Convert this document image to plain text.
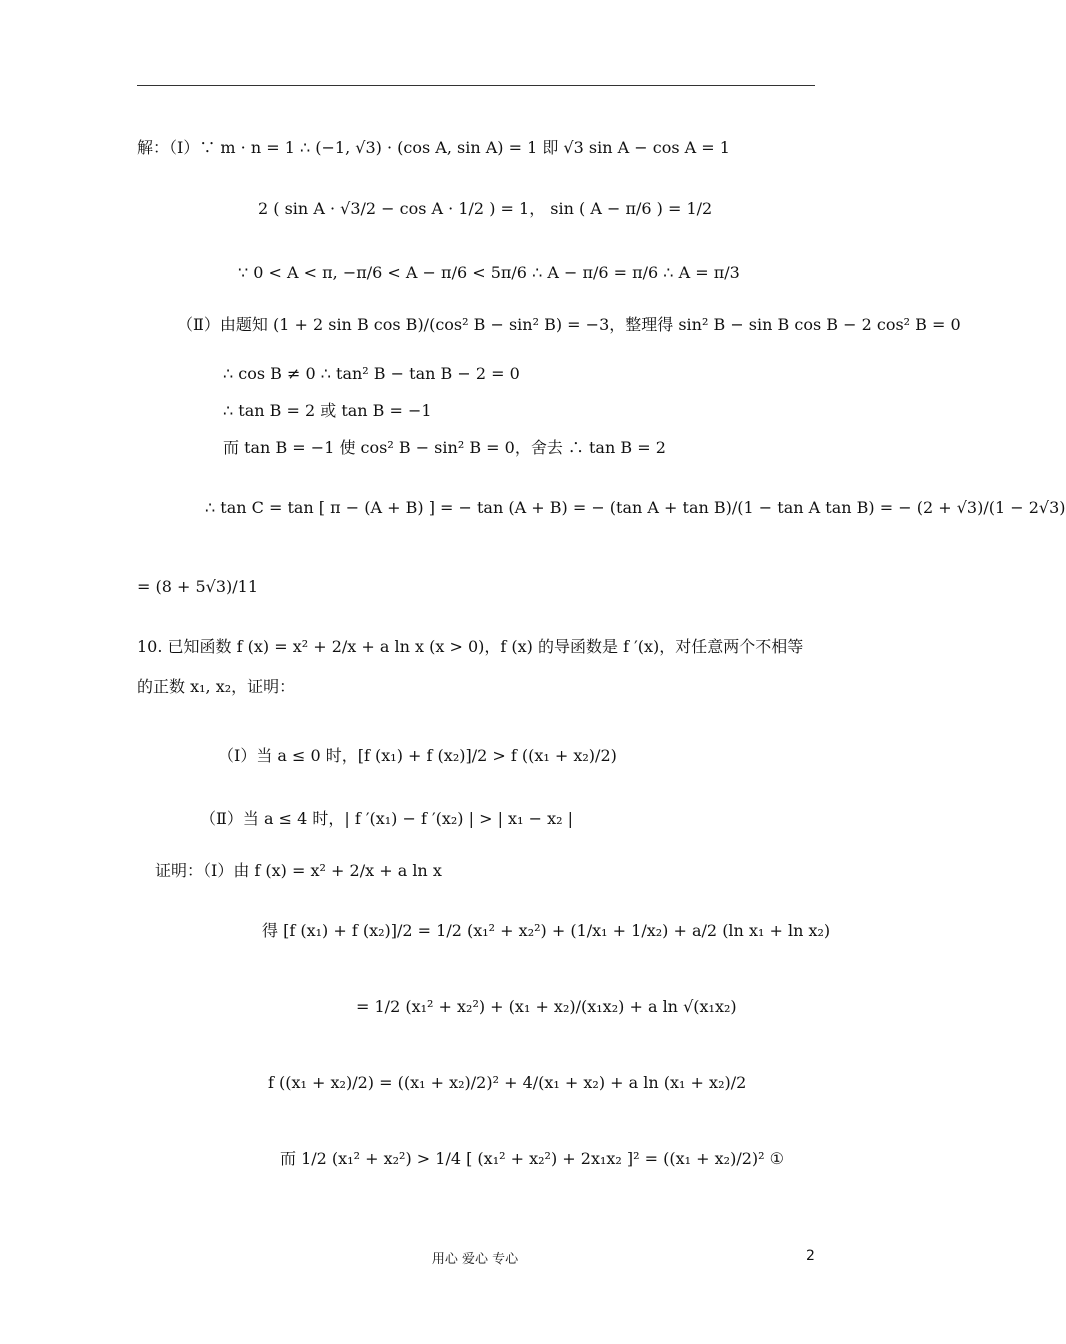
解：（Ⅰ）∵ m · n = 1 ∴ (−1, √3) · (cos A, sin A) = 1 即 √3 sin A − cos A = 1
2 ( sin A · √3/2 − cos A · 1/2 ) = 1， sin ( A − π/6 ) = 1/2
∵ 0 < A < π, −π/6 < A − π/6 < 5π/6 ∴ A − π/6 = π/6 ∴ A = π/3
（Ⅱ）由题知 (1 + 2 sin B cos B)/(cos² B − sin² B) = −3，整理得 sin² B − sin B cos B − 2 cos² B = 0
∴ cos B ≠ 0 ∴ tan² B − tan B − 2 = 0
∴ tan B = 2 或 tan B = −1
而 tan B = −1 使 cos² B − sin² B = 0，舍去 ∴ tan B = 2
∴ tan C = tan [ π − (A + B) ] = − tan (A + B) = − (tan A + tan B)/(1 − tan A tan B) = − (2 + √3)/(1 − 2√3)
= (8 + 5√3)/11
10. 已知函数 f (x) = x² + 2/x + a ln x (x > 0)，f (x) 的导函数是 f ′(x)，对任意两个不相等
的正数 x₁, x₂，证明：
（Ⅰ）当 a ≤ 0 时，[f (x₁) + f (x₂)]/2 > f ((x₁ + x₂)/2)
（Ⅱ）当 a ≤ 4 时，| f ′(x₁) − f ′(x₂) | > | x₁ − x₂ |
证明：（Ⅰ）由 f (x) = x² + 2/x + a ln x
得 [f (x₁) + f (x₂)]/2 = 1/2 (x₁² + x₂²) + (1/x₁ + 1/x₂) + a/2 (ln x₁ + ln x₂)
= 1/2 (x₁² + x₂²) + (x₁ + x₂)/(x₁x₂) + a ln √(x₁x₂)
f ((x₁ + x₂)/2) = ((x₁ + x₂)/2)² + 4/(x₁ + x₂) + a ln (x₁ + x₂)/2
而 1/2 (x₁² + x₂²) > 1/4 [ (x₁² + x₂²) + 2x₁x₂ ]² = ((x₁ + x₂)/2)² ①
用心 爱心 专心	2
